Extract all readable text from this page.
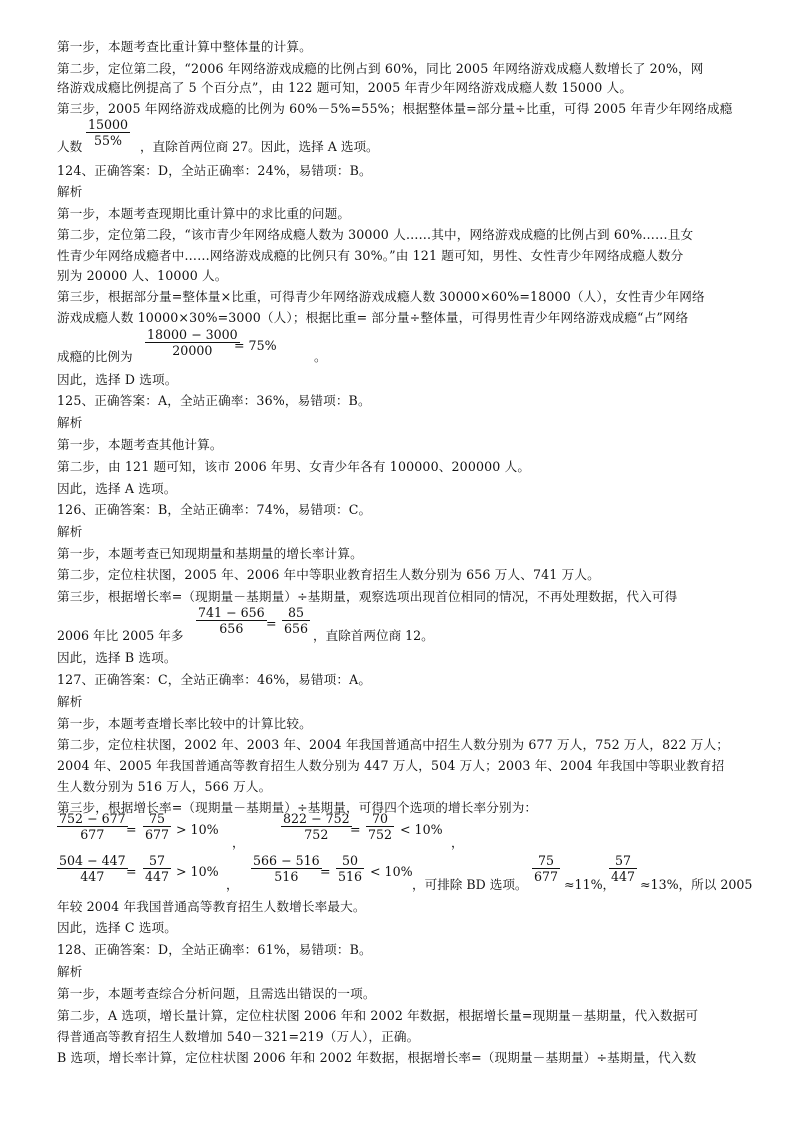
第一步，本题考查比重计算中整体量的计算。
第二步，定位第二段，“2006 年网络游戏成瘾的比例占到 60%，同比 2005 年网络游戏成瘾人数增长了 20%，网
络游戏成瘾比例提高了 5 个百分点”，由 122 题可知，2005 年青少年网络游戏成瘾人数 15000 人。
第三步，2005 年网络游戏成瘾的比例为 60%－5%=55%；根据整体量=部分量÷比重，可得 2005 年青少年网络成瘾
人数 $\frac{15000}{55\%}$ ，直除首两位商 27。因此，选择 A 选项。
124、正确答案：D，全站正确率：24%，易错项：B。
解析
第一步，本题考查现期比重计算中的求比重的问题。
第二步，定位第二段，“该市青少年网络成瘾人数为 30000 人……其中，网络游戏成瘾的比例占到 60%……且女
性青少年网络成瘾者中……网络游戏成瘾的比例只有 30%。”由 121 题可知，男性、女性青少年网络成瘾人数分
别为 20000 人、10000 人。
第三步，根据部分量=整体量×比重，可得青少年网络游戏成瘾人数 30000×60%=18000（人），女性青少年网络
游戏成瘾人数 10000×30%=3000（人）；根据比重= 部分量÷整体量，可得男性青少年网络游戏成瘾“占”网络
成瘾的比例为 $\frac{18000 - 3000}{20000}$
= 75%
。
因此，选择 D 选项。
125、正确答案：A，全站正确率：36%，易错项：B。
解析
第一步，本题考查其他计算。
第二步，由 121 题可知，该市 2006 年男、女青少年各有 100000、200000 人。
因此，选择 A 选项。
126、正确答案：B，全站正确率：74%，易错项：C。
解析
第一步，本题考查已知现期量和基期量的增长率计算。
第二步，定位柱状图，2005 年、2006 年中等职业教育招生人数分别为 656 万人、741 万人。
第三步，根据增长率=（现期量－基期量）÷基期量，观察选项出现首位相同的情况，不再处理数据，代入可得
2006 年比 2005 年多 $\frac{741 - 656}{656} = \frac{85}{656}$ ，直除首两位商 12。
因此，选择 B 选项。
127、正确答案：C，全站正确率：46%，易错项：A。
解析
第一步，本题考查增长率比较中的计算比较。
第二步，定位柱状图，2002 年、2003 年、2004 年我国普通高中招生人数分别为 677 万人，752 万人，822 万人；
2004 年、2005 年我国普通高等教育招生人数分别为 447 万人，504 万人；2003 年、2004 年我国中等职业教育招
生人数分别为 516 万人，566 万人。
第三步，根据增长率=（现期量－基期量）÷基期量，可得四个选项的增长率分别为：
$\frac{752 - 677}{677}$
= $\frac{75}{677} > 10\%$
，
$\frac{822 - 752}{752}$
= $\frac{70}{752} < 10\%$
，
$\frac{504 - 447}{447}$
= $\frac{57}{447} > 10\%$
，
$\frac{566 - 516}{516}$
= $\frac{50}{516} < 10\%$
，可排除 BD 选项。
$\frac{75}{677}$
≈11%，
$\frac{57}{447}$
≈13%，所以 2005
年较 2004 年我国普通高等教育招生人数增长率最大。
因此，选择 C 选项。
128、正确答案：D，全站正确率：61%，易错项：B。
解析
第一步，本题考查综合分析问题，且需选出错误的一项。
第二步，A 选项，增长量计算，定位柱状图 2006 年和 2002 年数据，根据增长量=现期量－基期量，代入数据可
得普通高等教育招生人数增加 540－321=219（万人），正确。
B 选项，增长率计算，定位柱状图 2006 年和 2002 年数据，根据增长率=（现期量－基期量）÷基期量，代入数
